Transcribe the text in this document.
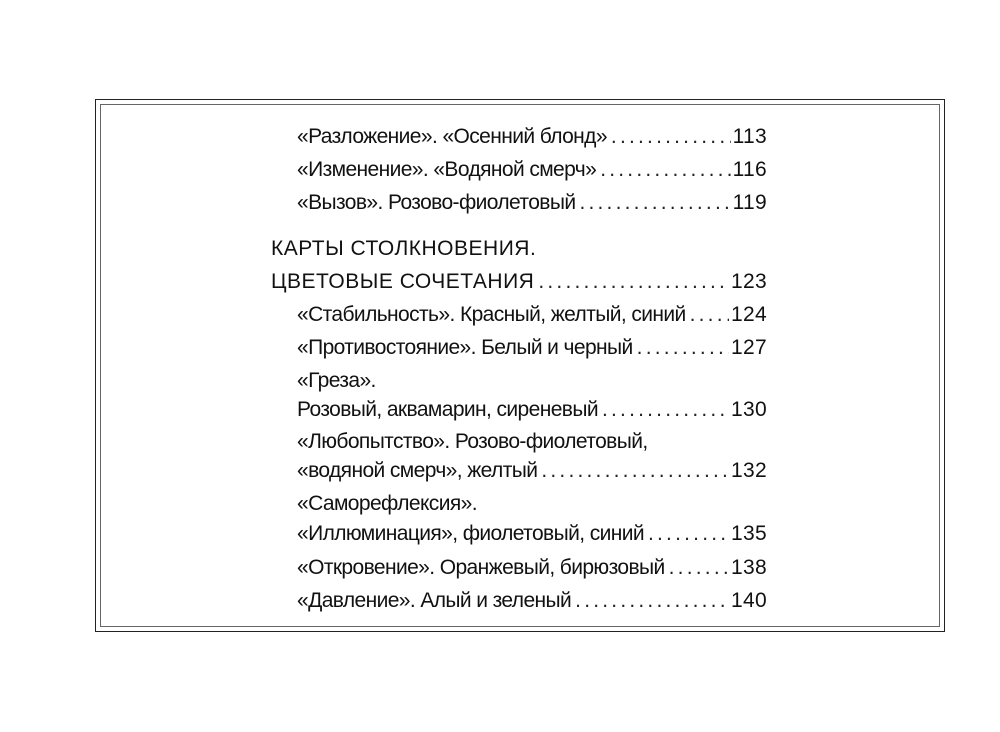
«Разложение». «Осенний блонд» .....	113
«Изменение». «Водяной смерч» .....	116
«Вызов». Розово-фиолетовый .....	119
КАРТЫ СТОЛКНОВЕНИЯ.
ЦВЕТОВЫЕ СОЧЕТАНИЯ .....	123
«Стабильность». Красный, желтый, синий ..... 124
«Противостояние». Белый и черный .....	127
«Греза».
Розовый, аквамарин, сиреневый .....	130
«Любопытство». Розово-фиолетовый,
«водяной смерч», желтый .....	132
«Саморефлексия».
«Иллюминация», фиолетовый, синий .....	135
«Откровение». Оранжевый, бирюзовый .....	138
«Давление». Алый и зеленый .....	140
